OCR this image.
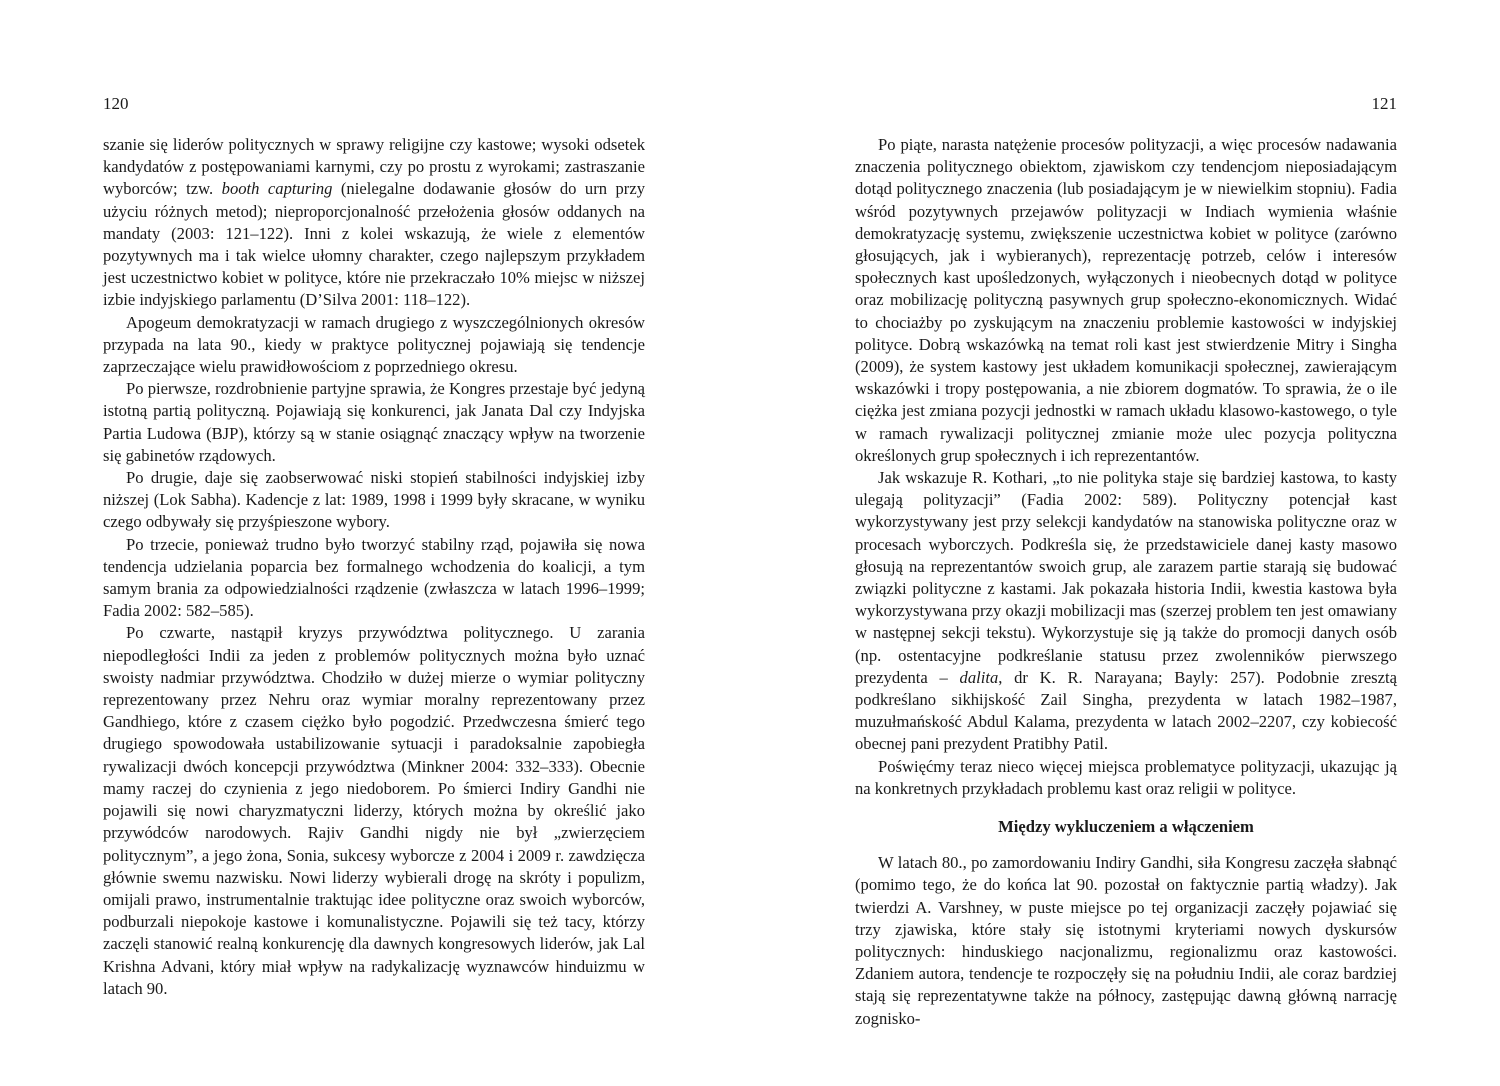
120

szanie się liderów politycznych w sprawy religijne czy kastowe; wysoki odsetek kandydatów z postępowaniami karnymi, czy po prostu z wyrokami; zastraszanie wyborców; tzw. booth capturing (nielegalne dodawanie głosów do urn przy użyciu różnych metod); nieproporcjonalność przełożenia głosów oddanych na mandaty (2003: 121–122). Inni z kolei wskazują, że wiele z elementów pozytywnych ma i tak wielce ułomny charakter, czego najlepszym przykładem jest uczestnictwo kobiet w polityce, które nie przekraczało 10% miejsc w niższej izbie indyjskiego parlamentu (D’Silva 2001: 118–122).

Apogeum demokratyzacji w ramach drugiego z wyszczególnionych okresów przypada na lata 90., kiedy w praktyce politycznej pojawiają się tendencje zaprzeczające wielu prawidłowościom z poprzedniego okresu.

Po pierwsze, rozdrobnienie partyjne sprawia, że Kongres przestaje być jedyną istotną partią polityczną. Pojawiają się konkurenci, jak Janata Dal czy Indyjska Partia Ludowa (BJP), którzy są w stanie osiągnąć znaczący wpływ na tworzenie się gabinetów rządowych.

Po drugie, daje się zaobserwować niski stopień stabilności indyjskiej izby niższej (Lok Sabha). Kadencje z lat: 1989, 1998 i 1999 były skracane, w wyniku czego odbywały się przyśpieszone wybory.

Po trzecie, ponieważ trudno było tworzyć stabilny rząd, pojawiła się nowa tendencja udzielania poparcia bez formalnego wchodzenia do koalicji, a tym samym brania za odpowiedzialności rządzenie (zwłaszcza w latach 1996–1999; Fadia 2002: 582–585).

Po czwarte, nastąpił kryzys przywództwa politycznego. U zarania niepodległości Indii za jeden z problemów politycznych można było uznać swoisty nadmiar przywództwa. Chodziło w dużej mierze o wymiar polityczny reprezentowany przez Nehru oraz wymiar moralny reprezentowany przez Gandhiego, które z czasem ciężko było pogodzić. Przedwczesna śmierć tego drugiego spowodowała ustabilizowanie sytuacji i paradoksalnie zapobiegła rywalizacji dwóch koncepcji przywództwa (Minkner 2004: 332–333). Obecnie mamy raczej do czynienia z jego niedoborem. Po śmierci Indiry Gandhi nie pojawili się nowi charyzmatyczni liderzy, których można by określić jako przywódców narodowych. Rajiv Gandhi nigdy nie był „zwierzęciem politycznym”, a jego żona, Sonia, sukcesy wyborcze z 2004 i 2009 r. zawdzięcza głównie swemu nazwisku. Nowi liderzy wybierali drogę na skróty i populizm, omijali prawo, instrumentalnie traktując idee polityczne oraz swoich wyborców, podburzali niepokoje kastowe i komunalistyczne. Pojawili się też tacy, którzy zaczęli stanowić realną konkurencję dla dawnych kongresowych liderów, jak Lal Krishna Advani, który miał wpływ na radykalizację wyznawców hinduizmu w latach 90.

121

Po piąte, narasta natężenie procesów polityzacji, a więc procesów nadawania znaczenia politycznego obiektom, zjawiskom czy tendencjom nieposiadającym dotąd politycznego znaczenia (lub posiadającym je w niewielkim stopniu). Fadia wśród pozytywnych przejawów polityzacji w Indiach wymienia właśnie demokratyzację systemu, zwiększenie uczestnictwa kobiet w polityce (zarówno głosujących, jak i wybieranych), reprezentację potrzeb, celów i interesów społecznych kast upośledzonych, wyłączonych i nieobecnych dotąd w polityce oraz mobilizację polityczną pasywnych grup społeczno-ekonomicznych. Widać to chociażby po zyskującym na znaczeniu problemie kastowości w indyjskiej polityce. Dobrą wskazówką na temat roli kast jest stwierdzenie Mitry i Singha (2009), że system kastowy jest układem komunikacji społecznej, zawierającym wskazówki i tropy postępowania, a nie zbiorem dogmatów. To sprawia, że o ile ciężka jest zmiana pozycji jednostki w ramach układu klasowo-kastowego, o tyle w ramach rywalizacji politycznej zmianie może ulec pozycja polityczna określonych grup społecznych i ich reprezentantów.

Jak wskazuje R. Kothari, „to nie polityka staje się bardziej kastowa, to kasty ulegają polityzacji” (Fadia 2002: 589). Polityczny potencjał kast wykorzystywany jest przy selekcji kandydatów na stanowiska polityczne oraz w procesach wyborczych. Podkreśla się, że przedstawiciele danej kasty masowo głosują na reprezentantów swoich grup, ale zarazem partie starają się budować związki polityczne z kastami. Jak pokazała historia Indii, kwestia kastowa była wykorzystywana przy okazji mobilizacji mas (szerzej problem ten jest omawiany w następnej sekcji tekstu). Wykorzystuje się ją także do promocji danych osób (np. ostentacyjne podkreślanie statusu przez zwolenników pierwszego prezydenta – dalita, dr K. R. Narayana; Bayly: 257). Podobnie zresztą podkreślano sikhijskość Zail Singha, prezydenta w latach 1982–1987, muzułmańskość Abdul Kalama, prezydenta w latach 2002–2207, czy kobiecość obecnej pani prezydent Pratibhy Patil.

Poświęćmy teraz nieco więcej miejsca problematyce polityzacji, ukazując ją na konkretnych przykładach problemu kast oraz religii w polityce.

Między wykluczeniem a włączeniem

W latach 80., po zamordowaniu Indiry Gandhi, siła Kongresu zaczęła słabnąć (pomimo tego, że do końca lat 90. pozostał on faktycznie partią władzy). Jak twierdzi A. Varshney, w puste miejsce po tej organizacji zaczęły pojawiać się trzy zjawiska, które stały się istotnymi kryteriami nowych dyskursów politycznych: hinduskiego nacjonalizmu, regionalizmu oraz kastowości. Zdaniem autora, tendencje te rozpoczęły się na południu Indii, ale coraz bardziej stają się reprezentatywne także na północy, zastępując dawną główną narrację zognisko-
